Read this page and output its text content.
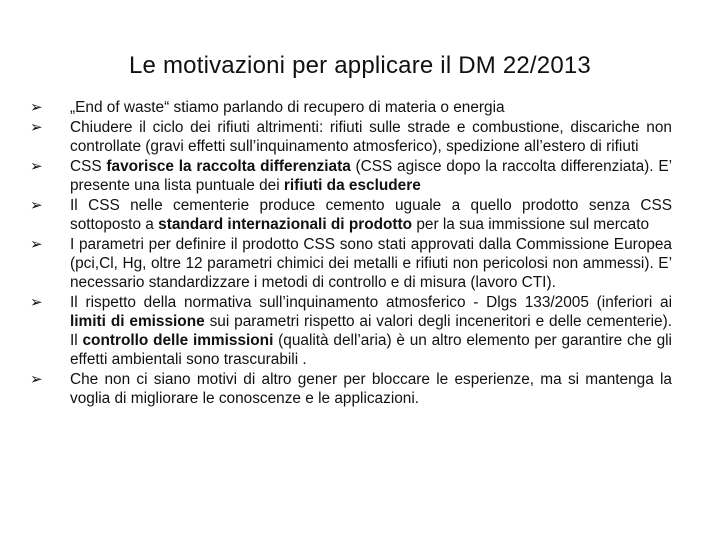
Le motivazioni per applicare il DM 22/2013
➢ „End of waste“ stiamo parlando di recupero di materia o energia
➢ Chiudere il ciclo dei rifiuti altrimenti: rifiuti sulle strade e combustione, discariche non controllate (gravi effetti sull’inquinamento atmosferico), spedizione all’estero di rifiuti
➢ CSS favorisce la raccolta differenziata (CSS agisce dopo la raccolta differenziata). E’ presente una lista puntuale dei rifiuti da escludere
➢ Il CSS nelle cementerie produce cemento uguale a quello prodotto senza CSS sottoposto a standard internazionali di prodotto per la sua immissione sul mercato
➢ I parametri per definire il prodotto CSS sono stati approvati dalla Commissione Europea (pci,Cl, Hg, oltre 12 parametri chimici dei metalli e rifiuti non pericolosi non ammessi). E’ necessario standardizzare i metodi di controllo e di misura (lavoro CTI).
➢ Il rispetto della normativa sull’inquinamento atmosferico - Dlgs 133/2005 (inferiori ai limiti di emissione sui parametri rispetto ai valori degli inceneritori e delle cementerie). Il controllo delle immissioni (qualità dell’aria) è un altro elemento per garantire che gli effetti ambientali sono trascurabili .
➢ Che non ci siano motivi di altro gener per bloccare le esperienze, ma si mantenga la voglia di migliorare le conoscenze e le applicazioni.
